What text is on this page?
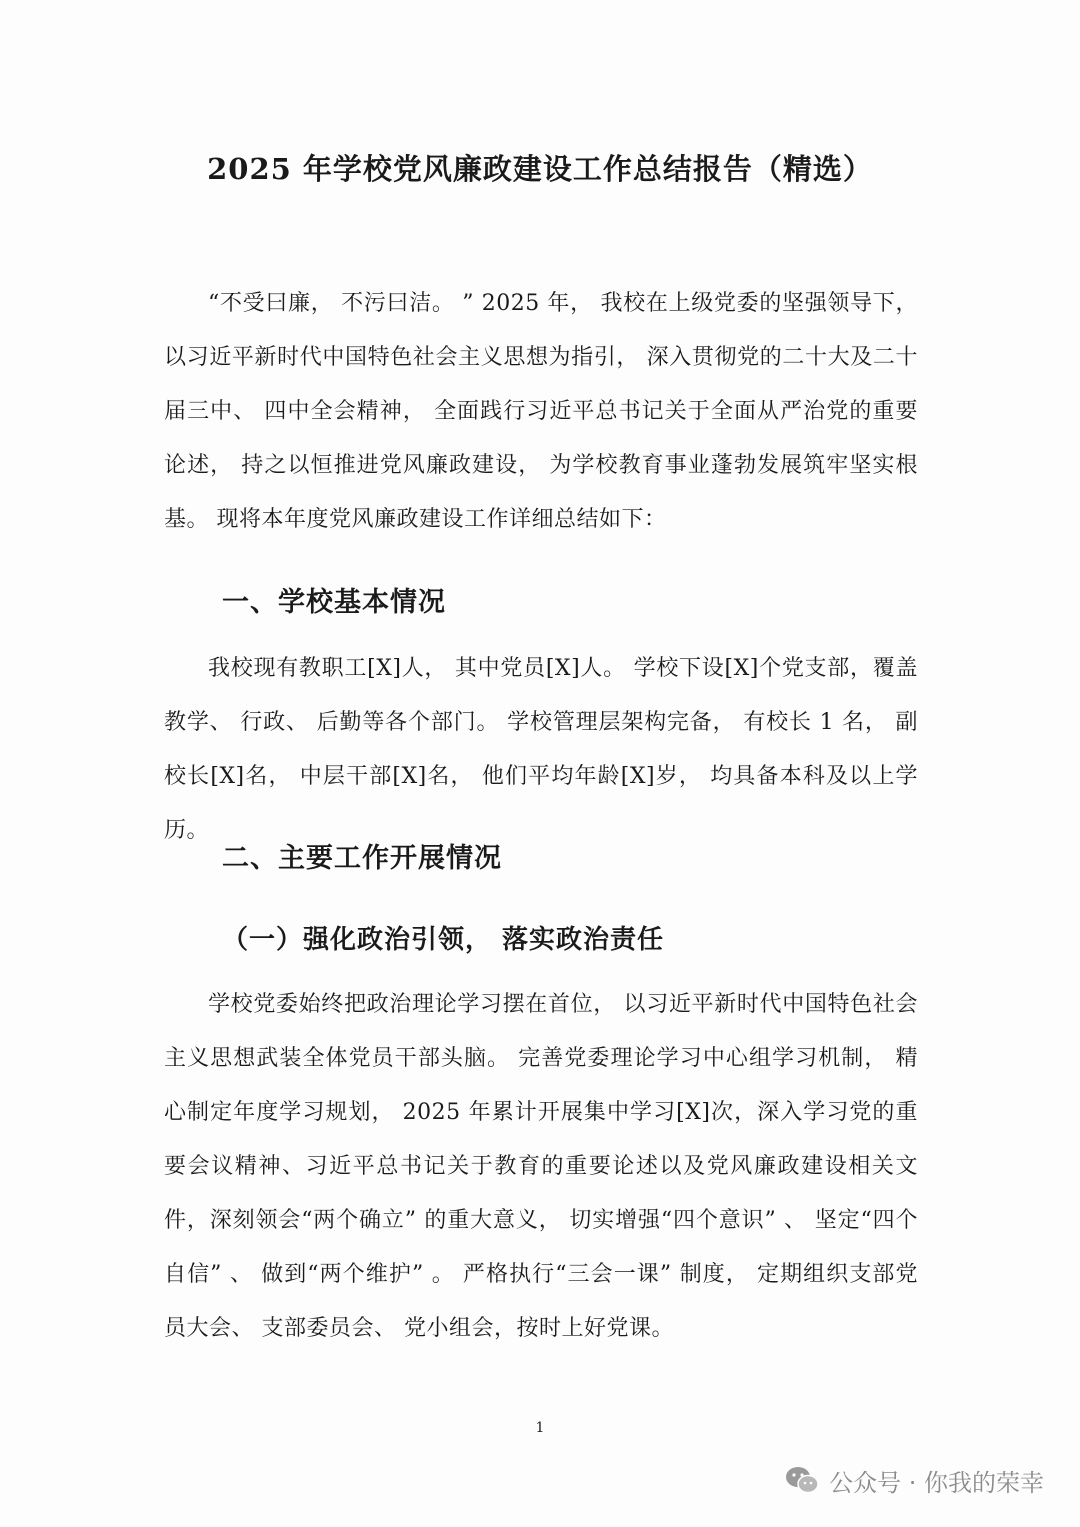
2025 年学校党风廉政建设工作总结报告（精选）

“不受曰廉， 不污曰洁。 ” 2025 年， 我校在上级党委的坚强领导下， 以习近平新时代中国特色社会主义思想为指引， 深入贯彻党的二十大及二十届三中、 四中全会精神， 全面践行习近平总书记关于全面从严治党的重要论述， 持之以恒推进党风廉政建设， 为学校教育事业蓬勃发展筑牢坚实根基。 现将本年度党风廉政建设工作详细总结如下：

一、学校基本情况

我校现有教职工[X]人， 其中党员[X]人。 学校下设[X]个党支部，覆盖教学、 行政、 后勤等各个部门。 学校管理层架构完备， 有校长 1 名， 副校长[X]名， 中层干部[X]名， 他们平均年龄[X]岁， 均具备本科及以上学历。

二、主要工作开展情况
（一）强化政治引领， 落实政治责任

学校党委始终把政治理论学习摆在首位， 以习近平新时代中国特色社会主义思想武装全体党员干部头脑。 完善党委理论学习中心组学习机制， 精心制定年度学习规划， 2025 年累计开展集中学习[X]次，深入学习党的重要会议精神、习近平总书记关于教育的重要论述以及党风廉政建设相关文件，深刻领会“两个确立” 的重大意义， 切实增强“四个意识” 、 坚定“四个自信” 、 做到“两个维护” 。 严格执行“三会一课” 制度， 定期组织支部党员大会、 支部委员会、 党小组会，按时上好党课。

1
公众号 · 你我的荣幸
